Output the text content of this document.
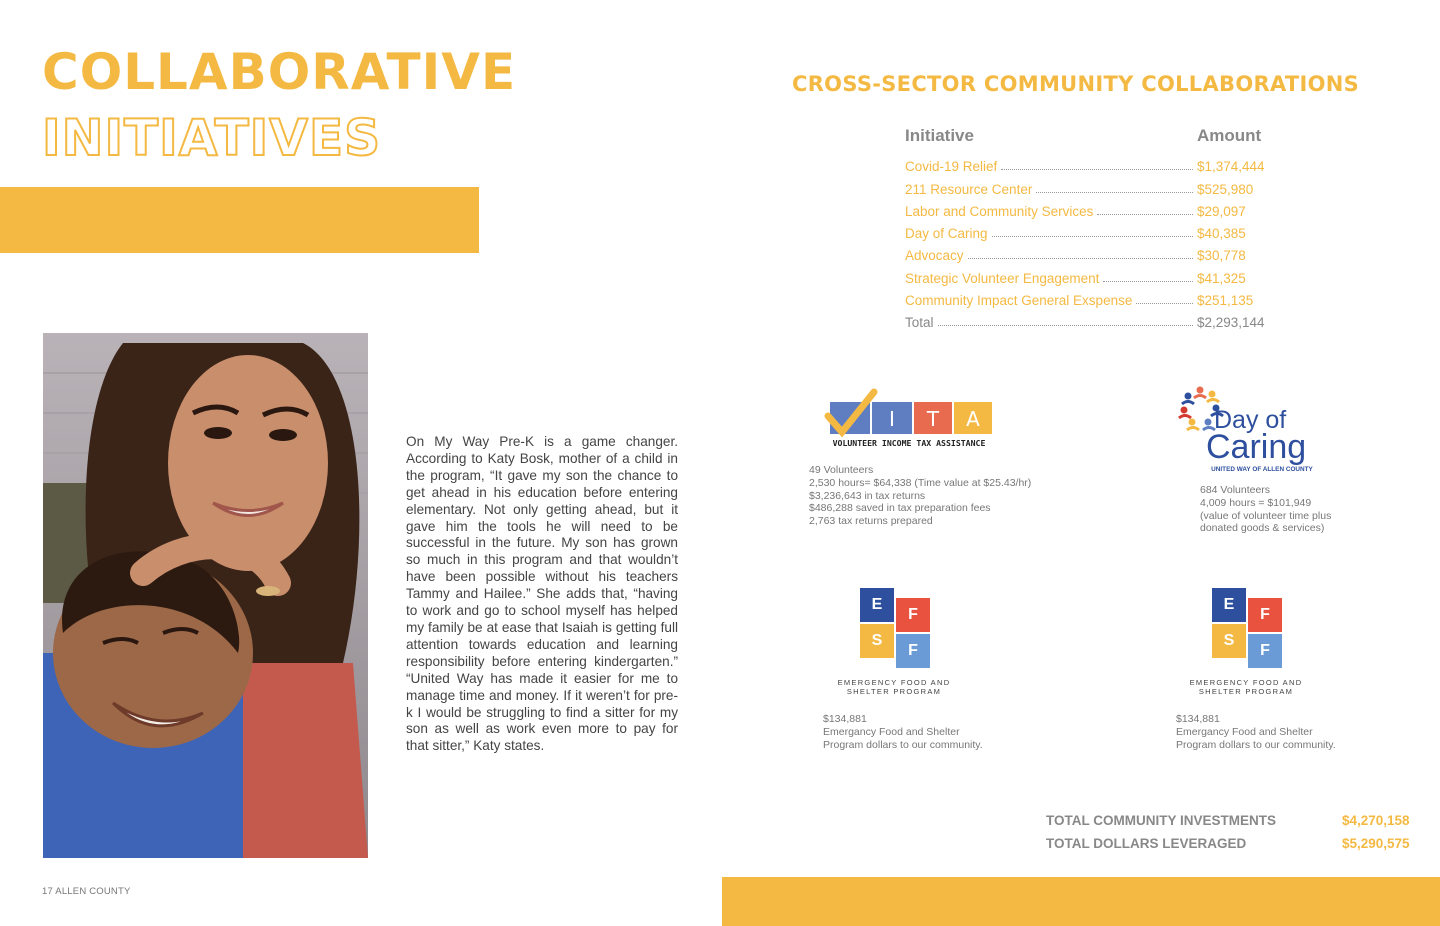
COLLABORATIVE
INITIATIVES
On My Way Pre-K is a game changer. According to Katy Bosk, mother of a child in the program, “It gave my son the chance to get ahead in his education before entering elementary. Not only getting ahead, but it gave him the tools he will need to be successful in the future. My son has grown so much in this program and that wouldn’t have been possible without his teachers Tammy and Hailee.” She adds that, “having to work and go to school myself has helped my family be at ease that Isaiah is getting full attention towards education and learning responsibility before entering kindergarten.” “United Way has made it easier for me to manage time and money. If it weren’t for pre-k I would be struggling to find a sitter for my son as well as work even more to pay for that sitter,” Katy states.
17 ALLEN COUNTY
CROSS-SECTOR COMMUNITY COLLABORATIONS
Initiative	Amount
Covid-19 Relief	$1,374,444
211 Resource Center	$525,980
Labor and Community Services	$29,097
Day of Caring	$40,385
Advocacy	$30,778
Strategic Volunteer Engagement	$41,325
Community Impact General Exspense	$251,135
Total	$2,293,144
I T A
VOLUNTEER INCOME TAX ASSISTANCE
49 Volunteers
2,530 hours= $64,338 (Time value at $25.43/hr)
$3,236,643 in tax returns
$486,288 saved in tax preparation fees
2,763 tax returns prepared
Day of
Caring
UNITED WAY OF ALLEN COUNTY
684 Volunteers
4,009 hours = $101,949
(value of volunteer time plus
donated goods & services)
E
F
S
F
EMERGENCY FOOD AND
SHELTER PROGRAM
$134,881
Emergancy Food and Shelter
Program dollars to our community.
E
F
S
F
EMERGENCY FOOD AND
SHELTER PROGRAM
$134,881
Emergancy Food and Shelter
Program dollars to our community.
TOTAL COMMUNITY INVESTMENTS	$4,270,158
TOTAL DOLLARS LEVERAGED	$5,290,575
